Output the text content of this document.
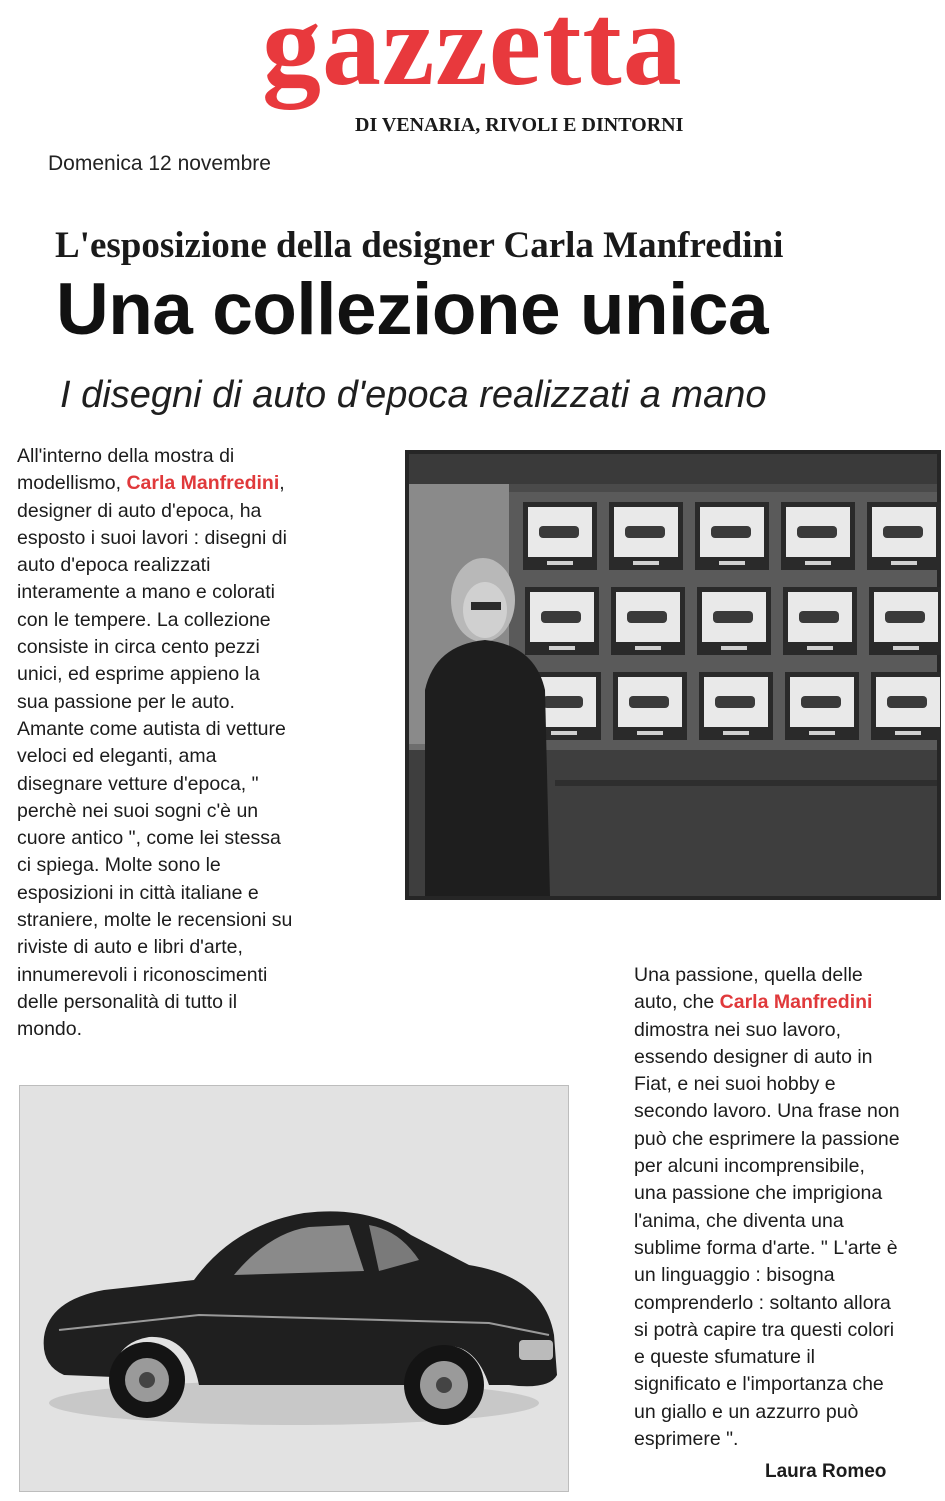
gazzetta
DI VENARIA, RIVOLI E DINTORNI
Domenica 12 novembre
L'esposizione della designer Carla Manfredini
Una collezione unica
I disegni di auto d'epoca realizzati a mano
All'interno della mostra di
modellismo, Carla Manfredini,
designer di auto d'epoca, ha
esposto i suoi lavori : disegni di
auto d'epoca realizzati
interamente a mano e colorati
con le tempere. La collezione
consiste in circa cento pezzi
unici, ed esprime appieno la
sua passione per le auto.
Amante come autista di vetture
veloci ed eleganti, ama
disegnare vetture d'epoca, "
perchè nei suoi sogni c'è un
cuore antico ", come lei stessa
ci spiega. Molte sono le
esposizioni in città italiane e
straniere, molte le recensioni su
riviste di auto e libri d'arte,
innumerevoli i riconoscimenti
delle personalità di tutto il
mondo.
Una passione, quella delle
auto, che Carla Manfredini
dimostra nei suo lavoro,
essendo designer di auto in
Fiat, e nei suoi hobby e
secondo lavoro. Una frase non
può che esprimere la passione
per alcuni incomprensibile,
una passione che imprigiona
l'anima, che diventa una
sublime forma d'arte. " L'arte è
un linguaggio : bisogna
comprenderlo : soltanto allora
si potrà capire tra questi colori
e queste sfumature il
significato e l'importanza che
un giallo e un azzurro può
esprimere ".
Laura Romeo
